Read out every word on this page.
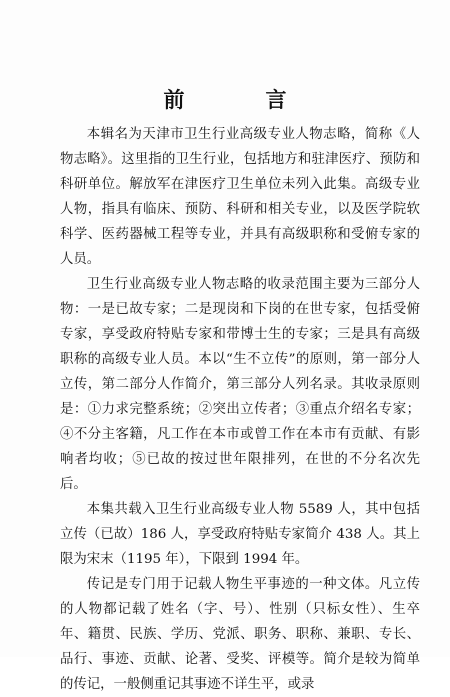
前　言

本辑名为天津市卫生行业高级专业人物志略，简称《人物志略》。这里指的卫生行业，包括地方和驻津医疗、预防和科研单位。解放军在津医疗卫生单位未列入此集。高级专业人物，指具有临床、预防、科研和相关专业，以及医学院软科学、医药器械工程等专业，并具有高级职称和受俯专家的人员。

卫生行业高级专业人物志略的收录范围主要为三部分人物：一是已故专家；二是现岗和下岗的在世专家，包括受俯专家，享受政府特贴专家和带博士生的专家；三是具有高级职称的高级专业人员。本以“生不立传”的原则，第一部分人立传，第二部分人作简介，第三部分人列名录。其收录原则是：①力求完整系统；②突出立传者；③重点介绍名专家；④不分主客籍，凡工作在本市或曾工作在本市有贡献、有影响者均收；⑤已故的按过世年限排列，在世的不分名次先后。

本集共载入卫生行业高级专业人物 5589 人，其中包括立传（已故）186 人，享受政府特贴专家简介 438 人。其上限为宋末（1195 年），下限到 1994 年。

传记是专门用于记载人物生平事迹的一种文体。凡立传的人物都记载了姓名（字、号）、性别（只标女性）、生卒年、籍贯、民族、学历、党派、职务、职称、兼职、专长、品行、事迹、贡献、论著、受奖、评模等。简介是较为简单的传记，一般侧重记其事迹不详生平，或录
